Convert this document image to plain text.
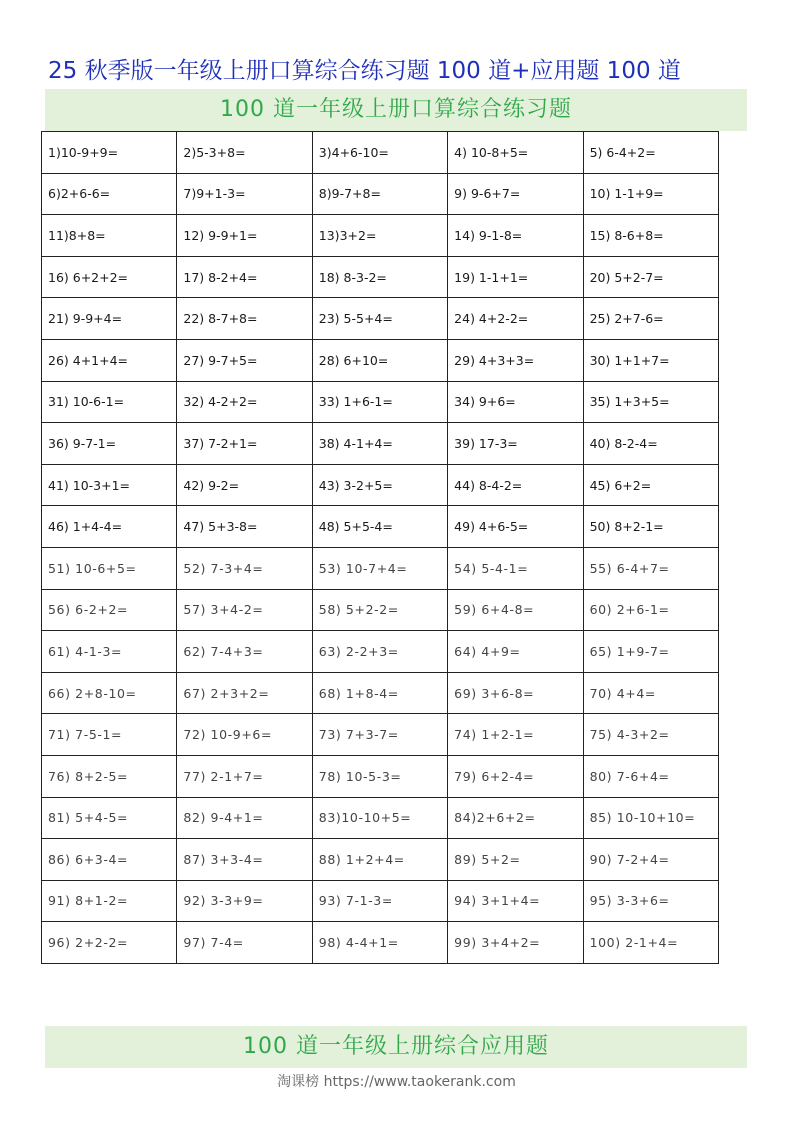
25 秋季版一年级上册口算综合练习题 100 道+应用题 100 道
100 道一年级上册口算综合练习题
1)10-9+9=	2)5-3+8=	3)4+6-10=	4) 10-8+5=	5) 6-4+2=
6)2+6-6=	7)9+1-3=	8)9-7+8=	9) 9-6+7=	10) 1-1+9=
11)8+8=	12) 9-9+1=	13)3+2=	14) 9-1-8=	15) 8-6+8=
16) 6+2+2=	17) 8-2+4=	18) 8-3-2=	19) 1-1+1=	20) 5+2-7=
21) 9-9+4=	22) 8-7+8=	23) 5-5+4=	24) 4+2-2=	25) 2+7-6=
26) 4+1+4=	27) 9-7+5=	28) 6+10=	29) 4+3+3=	30) 1+1+7=
31) 10-6-1=	32) 4-2+2=	33) 1+6-1=	34) 9+6=	35) 1+3+5=
36) 9-7-1=	37) 7-2+1=	38) 4-1+4=	39) 17-3=	40) 8-2-4=
41) 10-3+1=	42) 9-2=	43) 3-2+5=	44) 8-4-2=	45) 6+2=
46) 1+4-4=	47) 5+3-8=	48) 5+5-4=	49) 4+6-5=	50) 8+2-1=
51) 10-6+5=	52) 7-3+4=	53) 10-7+4=	54) 5-4-1=	55) 6-4+7=
56) 6-2+2=	57) 3+4-2=	58) 5+2-2=	59) 6+4-8=	60) 2+6-1=
61) 4-1-3=	62) 7-4+3=	63) 2-2+3=	64) 4+9=	65) 1+9-7=
66) 2+8-10=	67) 2+3+2=	68) 1+8-4=	69) 3+6-8=	70) 4+4=
71) 7-5-1=	72) 10-9+6=	73) 7+3-7=	74) 1+2-1=	75) 4-3+2=
76) 8+2-5=	77) 2-1+7=	78) 10-5-3=	79) 6+2-4=	80) 7-6+4=
81) 5+4-5=	82) 9-4+1=	83)10-10+5=	84)2+6+2=	85) 10-10+10=
86) 6+3-4=	87) 3+3-4=	88) 1+2+4=	89) 5+2=	90) 7-2+4=
91) 8+1-2=	92) 3-3+9=	93) 7-1-3=	94) 3+1+4=	95) 3-3+6=
96) 2+2-2=	97) 7-4=	98) 4-4+1=	99) 3+4+2=	100) 2-1+4=
100 道一年级上册综合应用题
淘课榜 https://www.taokerank.com
